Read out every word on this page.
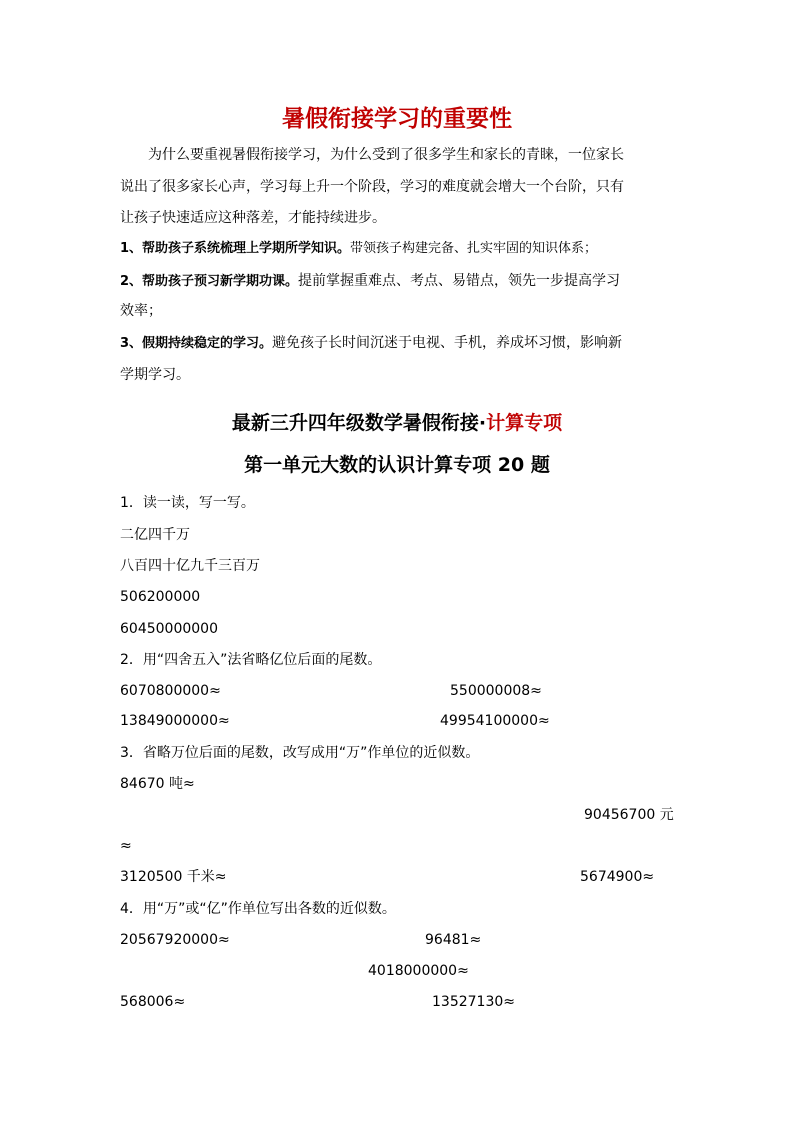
暑假衔接学习的重要性
为什么要重视暑假衔接学习，为什么受到了很多学生和家长的青睐，一位家长
说出了很多家长心声，学习每上升一个阶段，学习的难度就会增大一个台阶，只有
让孩子快速适应这种落差，才能持续进步。
1、帮助孩子系统梳理上学期所学知识。带领孩子构建完备、扎实牢固的知识体系；
2、帮助孩子预习新学期功课。提前掌握重难点、考点、易错点，领先一步提高学习
效率；
3、假期持续稳定的学习。避免孩子长时间沉迷于电视、手机，养成坏习惯，影响新
学期学习。
最新三升四年级数学暑假衔接·计算专项
第一单元大数的认识计算专项 20 题
1．读一读，写一写。
二亿四千万
八百四十亿九千三百万
506200000
60450000000
2．用“四舍五入”法省略亿位后面的尾数。
6070800000≈	550000008≈
13849000000≈	49954100000≈
3．省略万位后面的尾数，改写成用“万”作单位的近似数。
84670 吨≈
90456700 元
≈
3120500 千米≈	5674900≈
4．用“万”或“亿”作单位写出各数的近似数。
20567920000≈	96481≈
4018000000≈
568006≈	13527130≈
